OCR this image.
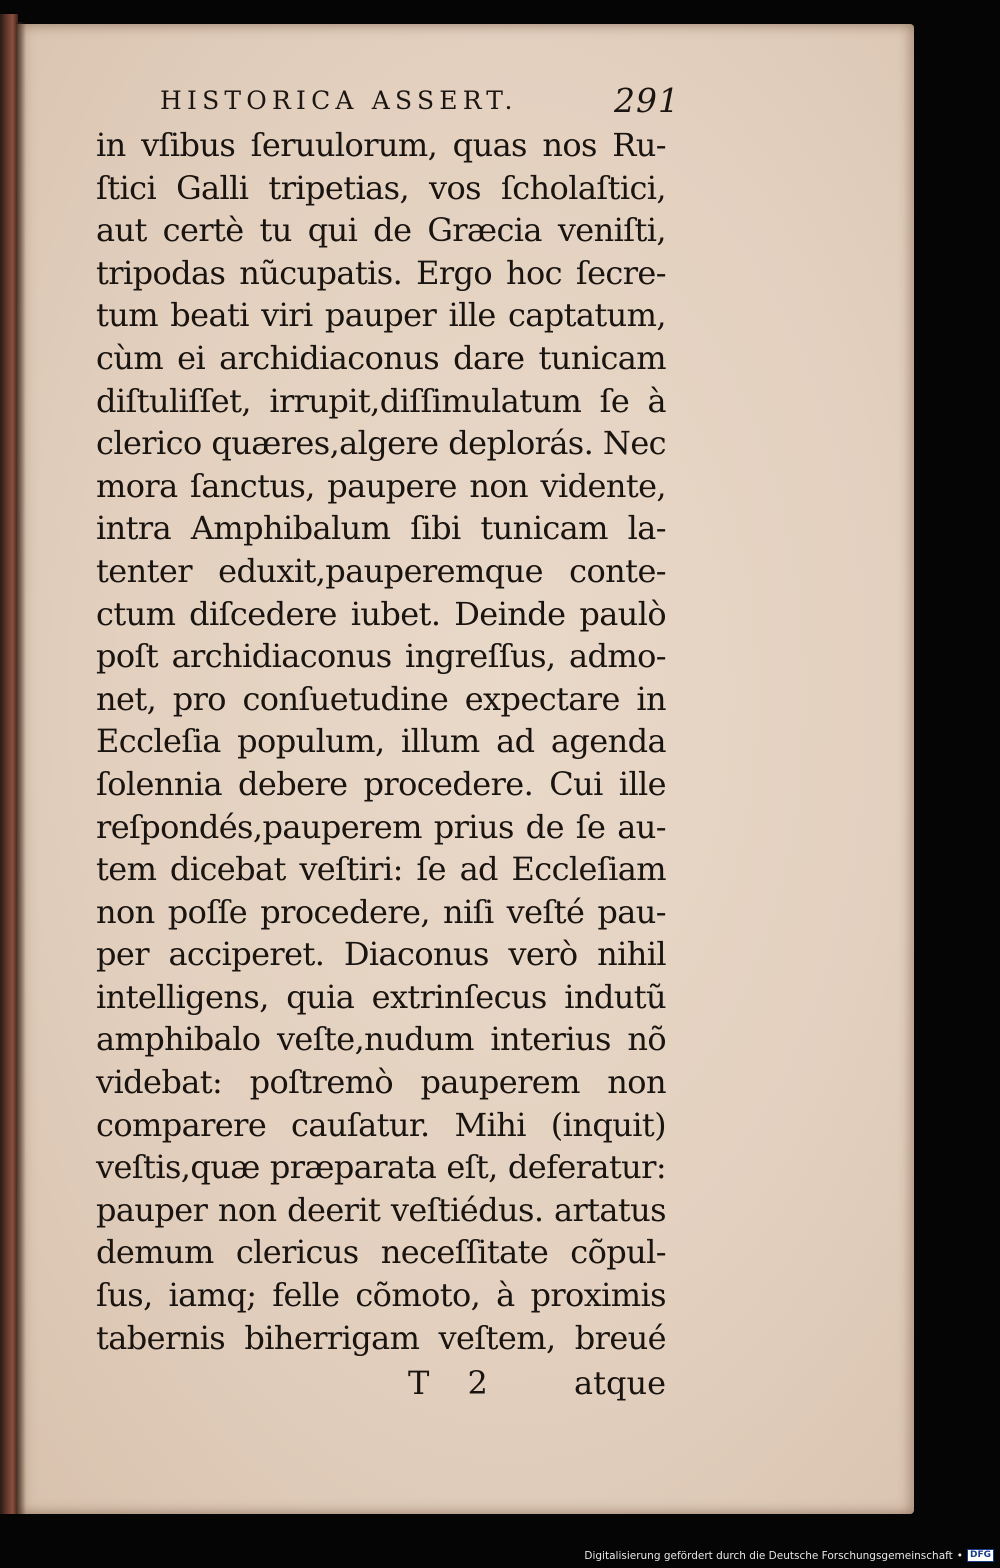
HISTORICA ASSERT.	291
in vſibus ſeruulorum, quas nos Ru-
ſtici Galli tripetias, vos ſcholaſtici,
aut certè tu qui de Græcia veniſti,
tripodas nũcupatis. Ergo hoc ſecre-
tum beati viri pauper ille captatum,
cùm ei archidiaconus dare tunicam
diſtuliſſet, irrupit,diſſimulatum ſe à
clerico quæres,algere deplorás. Nec
mora ſanctus, paupere non vidente,
intra Amphibalum ſibi tunicam la-
tenter eduxit,pauperemque conte-
ctum diſcedere iubet. Deinde paulò
poſt archidiaconus ingreſſus, admo-
net, pro conſuetudine expectare in
Eccleſia populum, illum ad agenda
ſolennia debere procedere. Cui ille
reſpondés,pauperem prius de ſe au-
tem dicebat veſtiri: ſe ad Eccleſiam
non poſſe procedere, niſi veſté pau-
per acciperet. Diaconus verò nihil
intelligens, quia extrinſecus indutũ
amphibalo veſte,nudum interius nõ
videbat: poſtremò pauperem non
comparere cauſatur. Mihi (inquit)
veſtis,quæ præparata eſt, deferatur:
pauper non deerit veſtiédus. artatus
demum clericus neceſſitate cõpul-
ſus, iamq; felle cõmoto, à proximis
tabernis biherrigam veſtem, breué
T 2 atque
Digitalisierung gefördert durch die Deutsche Forschungsgemeinschaft • DFG
